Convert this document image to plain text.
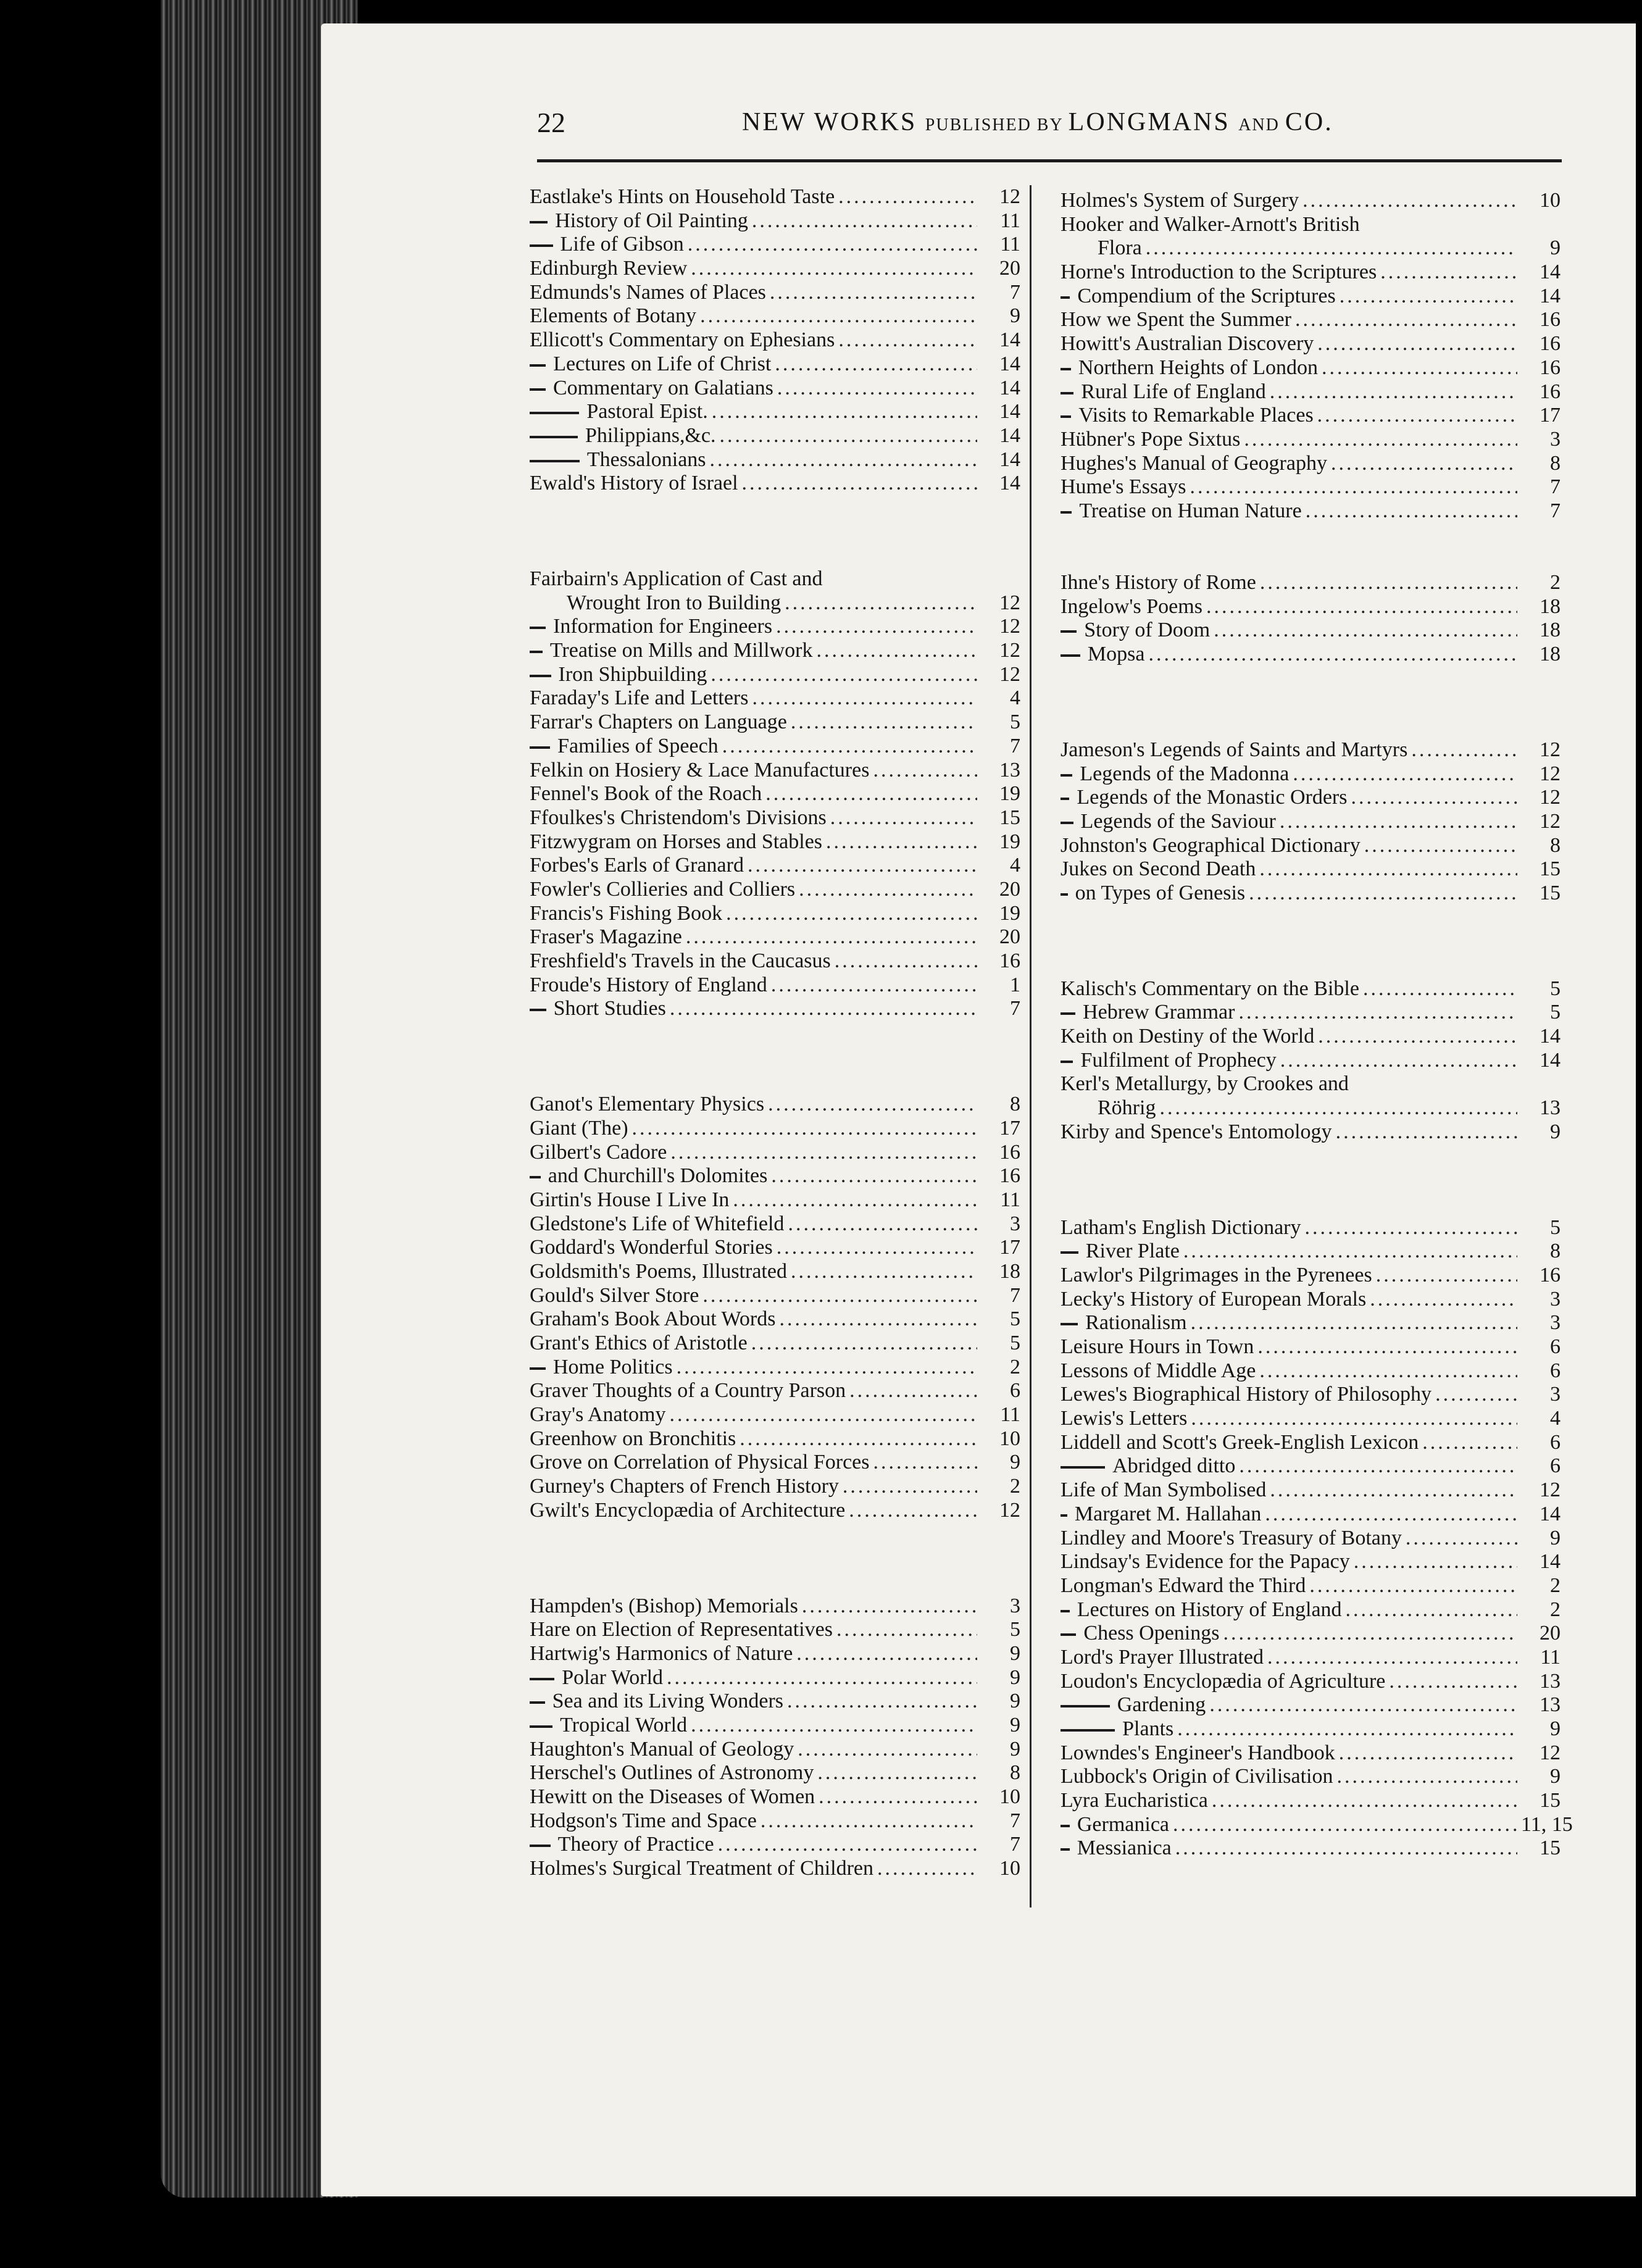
22	NEW WORKS PUBLISHED BY LONGMANS AND CO.
Eastlake's Hints on Household Taste .....	12
History of Oil Painting .....	11
Life of Gibson .....	11
Edinburgh Review .....	20
Edmunds's Names of Places .....	7
Elements of Botany .....	9
Ellicott's Commentary on Ephesians .....	14
Lectures on Life of Christ .....	14
Commentary on Galatians .....	14
Pastoral Epist. .....	14
Philippians,&c. .....	14
Thessalonians .....	14
Ewald's History of Israel .....	14
Fairbairn's Application of Cast and
Wrought Iron to Building .....	12
Information for Engineers .....	12
Treatise on Mills and Millwork .....	12
Iron Shipbuilding .....	12
Faraday's Life and Letters .....	4
Farrar's Chapters on Language .....	5
Families of Speech .....	7
Felkin on Hosiery & Lace Manufactures .....	13
Fennel's Book of the Roach .....	19
Ffoulkes's Christendom's Divisions .....	15
Fitzwygram on Horses and Stables .....	19
Forbes's Earls of Granard .....	4
Fowler's Collieries and Colliers .....	20
Francis's Fishing Book .....	19
Fraser's Magazine .....	20
Freshfield's Travels in the Caucasus .....	16
Froude's History of England .....	1
Short Studies .....	7
Ganot's Elementary Physics .....	8
Giant (The) .....	17
Gilbert's Cadore .....	16
and Churchill's Dolomites .....	16
Girtin's House I Live In .....	11
Gledstone's Life of Whitefield .....	3
Goddard's Wonderful Stories .....	17
Goldsmith's Poems, Illustrated .....	18
Gould's Silver Store .....	7
Graham's Book About Words .....	5
Grant's Ethics of Aristotle .....	5
Home Politics .....	2
Graver Thoughts of a Country Parson .....	6
Gray's Anatomy .....	11
Greenhow on Bronchitis .....	10
Grove on Correlation of Physical Forces .....	9
Gurney's Chapters of French History .....	2
Gwilt's Encyclopædia of Architecture .....	12
Hampden's (Bishop) Memorials .....	3
Hare on Election of Representatives .....	5
Hartwig's Harmonics of Nature .....	9
Polar World .....	9
Sea and its Living Wonders .....	9
Tropical World .....	9
Haughton's Manual of Geology .....	9
Herschel's Outlines of Astronomy .....	8
Hewitt on the Diseases of Women .....	10
Hodgson's Time and Space .....	7
Theory of Practice .....	7
Holmes's Surgical Treatment of Children .....	10
Holmes's System of Surgery .....	10
Hooker and Walker-Arnott's British
Flora .....	9
Horne's Introduction to the Scriptures .....	14
Compendium of the Scriptures .....	14
How we Spent the Summer .....	16
Howitt's Australian Discovery .....	16
Northern Heights of London .....	16
Rural Life of England .....	16
Visits to Remarkable Places .....	17
Hübner's Pope Sixtus .....	3
Hughes's Manual of Geography .....	8
Hume's Essays .....	7
Treatise on Human Nature .....	7
Ihne's History of Rome .....	2
Ingelow's Poems .....	18
Story of Doom .....	18
Mopsa .....	18
Jameson's Legends of Saints and Martyrs .....	12
Legends of the Madonna .....	12
Legends of the Monastic Orders .....	12
Legends of the Saviour .....	12
Johnston's Geographical Dictionary .....	8
Jukes on Second Death .....	15
on Types of Genesis .....	15
Kalisch's Commentary on the Bible .....	5
Hebrew Grammar .....	5
Keith on Destiny of the World .....	14
Fulfilment of Prophecy .....	14
Kerl's Metallurgy, by Crookes and
Röhrig .....	13
Kirby and Spence's Entomology .....	9
Latham's English Dictionary .....	5
River Plate .....	8
Lawlor's Pilgrimages in the Pyrenees .....	16
Lecky's History of European Morals .....	3
Rationalism .....	3
Leisure Hours in Town .....	6
Lessons of Middle Age .....	6
Lewes's Biographical History of Philosophy .....	3
Lewis's Letters .....	4
Liddell and Scott's Greek-English Lexicon .....	6
Abridged ditto .....	6
Life of Man Symbolised .....	12
Margaret M. Hallahan .....	14
Lindley and Moore's Treasury of Botany .....	9
Lindsay's Evidence for the Papacy .....	14
Longman's Edward the Third .....	2
Lectures on History of England .....	2
Chess Openings .....	20
Lord's Prayer Illustrated .....	11
Loudon's Encyclopædia of Agriculture .....	13
Gardening .....	13
Plants .....	9
Lowndes's Engineer's Handbook .....	12
Lubbock's Origin of Civilisation .....	9
Lyra Eucharistica .....	15
Germanica .....	11, 15
Messianica .....	15
